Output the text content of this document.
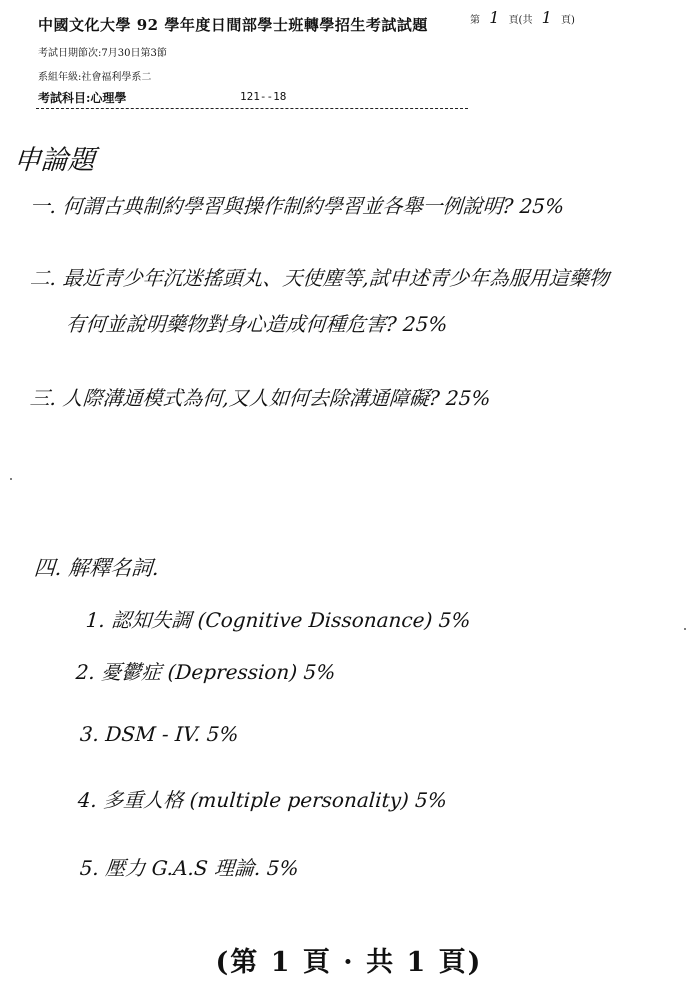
中國文化大學 92 學年度日間部學士班轉學招生考試試題	第 1 頁(共 1 頁)
考試日期節次:7月30日第3節
系組年級:社會福利學系二
考試科目:心理學	121--18
申論題
一. 何謂古典制約學習與操作制約學習並各舉一例說明? 25%
二. 最近靑少年沉迷搖頭丸、天使塵等,試申述靑少年為服用這藥物
有何並說明藥物對身心造成何種危害? 25%
三. 人際溝通模式為何,又人如何去除溝通障礙? 25%
四. 解釋名詞.
1. 認知失調 (Cognitive Dissonance) 5%
2. 憂鬱症 (Depression) 5%
3. DSM - IV. 5%
4. 多重人格 (multiple personality) 5%
5. 壓力 G.A.S 理論. 5%
(第 1 頁 · 共 1 頁)
